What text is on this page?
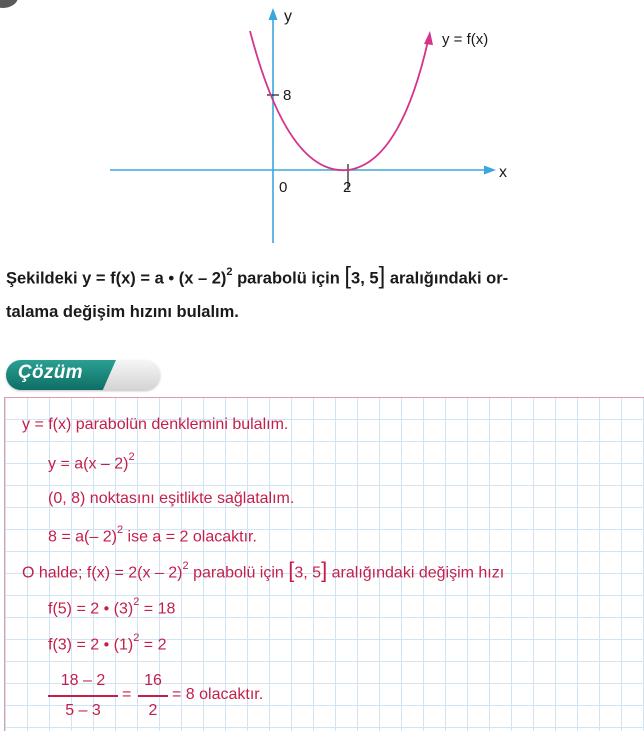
y
x
y = f(x)
8
2
0
Şekildeki y = f(x) = a • (x – 2)$^2$ parabolü için [3, 5] aralığındaki or-
talama değişim hızını bulalım.
Çözüm
y = f(x) parabolün denklemini bulalım.
y = a(x – 2)$^2$
(0, 8) noktasını eşitlikte sağlatalım.
8 = a(– 2)$^2$ ise a = 2 olacaktır.
O halde; f(x) = 2(x – 2)$^2$ parabolü için [3, 5] aralığındaki değişim hızı
f(5) = 2 • $(3)^2 = 18$
f(3) = 2 • $(1)^2 = 2$
18 – 2
5 – 3
=
16
2
= 8 olacaktır.
